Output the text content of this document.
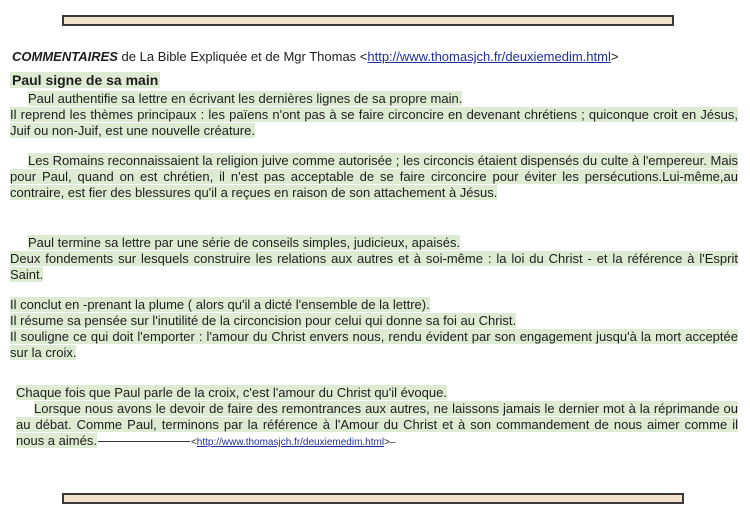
COMMENTAIRES de La Bible Expliquée et de Mgr Thomas <http://www.thomasjch.fr/deuxiemedim.html>
Paul signe de sa main
Paul authentifie sa lettre en écrivant les dernières lignes de sa propre main.
Il reprend les thèmes principaux : les païens n'ont pas à se faire circoncire en devenant chrétiens ; quiconque croit en Jésus, Juif ou non-Juif, est une nouvelle créature.
Les Romains reconnaissaient la religion juive comme autorisée ; les circoncis étaient dispensés du culte à l'empereur. Mais pour Paul, quand on est chrétien, il n'est pas acceptable de se faire circoncire pour éviter les persécutions.Lui-même,au contraire, est fier des blessures qu'il a reçues en raison de son attachement à Jésus.
Paul termine sa lettre par une série de conseils simples, judicieux, apaisés.
Deux fondements sur lesquels construire les relations aux autres et à soi-même : la loi du Christ - et la référence à l'Esprit Saint.
Il conclut en -prenant la plume ( alors qu'il a dicté l'ensemble de la lettre).
Il résume sa pensée sur l'inutilité de la circoncision pour celui qui donne sa foi au Christ.
Il souligne ce qui doit l'emporter : l'amour du Christ envers nous, rendu évident par son engagement jusqu'à la mort acceptée sur la croix.
Chaque fois que Paul parle de la croix, c'est l'amour du Christ qu'il évoque.
Lorsque nous avons le devoir de faire des remontrances aux autres, ne laissons jamais le dernier mot à la réprimande ou au débat. Comme Paul, terminons par la référence à l'Amour du Christ et à son commandement de nous aimer comme il nous a aimés.	<http://www.thomasjch.fr/deuxiemedim.html>–
